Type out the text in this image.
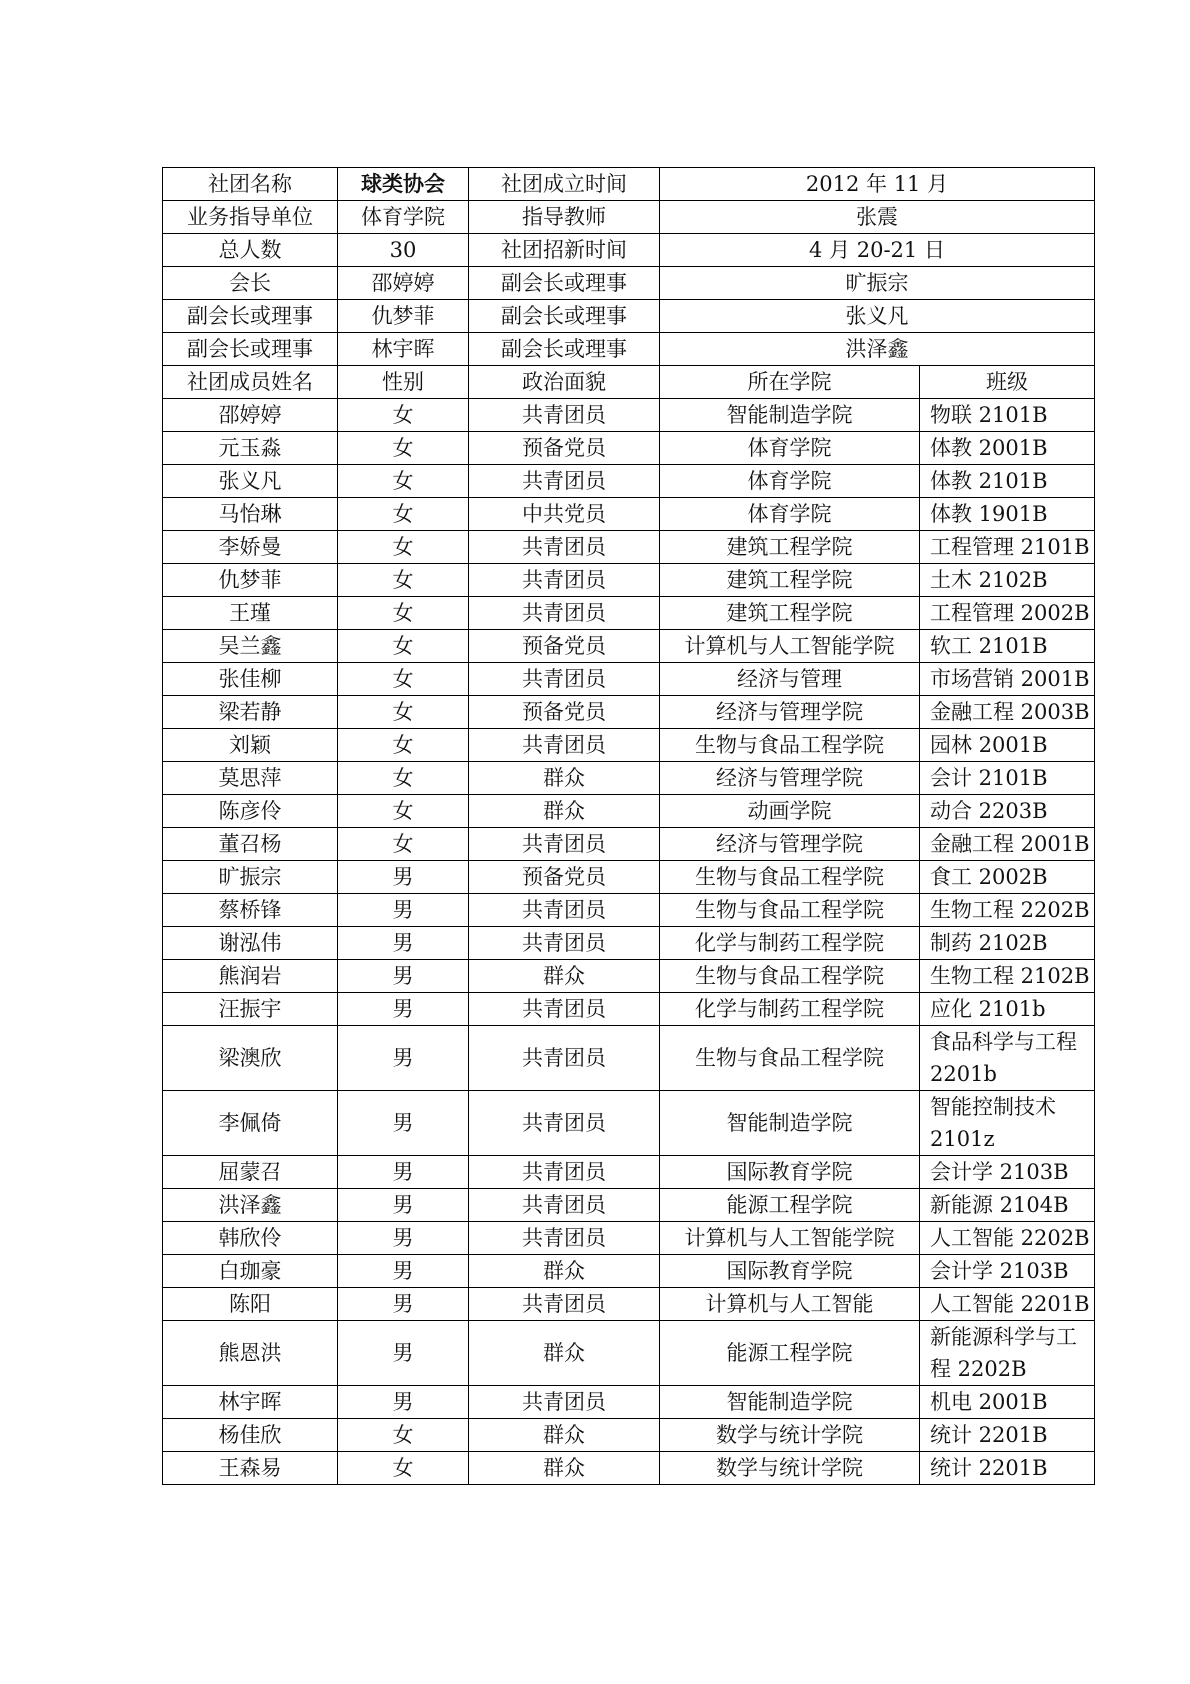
社团名称	球类协会	社团成立时间	2012 年 11 月	
业务指导单位	体育学院	指导教师	张震	
总人数	30	社团招新时间	4 月 20-21 日	
会长	邵婷婷	副会长或理事	旷振宗	
副会长或理事	仇梦菲	副会长或理事	张义凡	
副会长或理事	林宇晖	副会长或理事	洪泽鑫	
社团成员姓名	性别	政治面貌	所在学院	班级
邵婷婷	女	共青团员	智能制造学院	物联 2101B
元玉淼	女	预备党员	体育学院	体教 2001B
张义凡	女	共青团员	体育学院	体教 2101B
马怡琳	女	中共党员	体育学院	体教 1901B
李娇曼	女	共青团员	建筑工程学院	工程管理 2101B
仇梦菲	女	共青团员	建筑工程学院	土木 2102B
王瑾	女	共青团员	建筑工程学院	工程管理 2002B
吴兰鑫	女	预备党员	计算机与人工智能学院	软工 2101B
张佳柳	女	共青团员	经济与管理	市场营销 2001B
梁若静	女	预备党员	经济与管理学院	金融工程 2003B
刘颖	女	共青团员	生物与食品工程学院	园林 2001B
莫思萍	女	群众	经济与管理学院	会计 2101B
陈彦伶	女	群众	动画学院	动合 2203B
董召杨	女	共青团员	经济与管理学院	金融工程 2001B
旷振宗	男	预备党员	生物与食品工程学院	食工 2002B
蔡桥锋	男	共青团员	生物与食品工程学院	生物工程 2202B
谢泓伟	男	共青团员	化学与制药工程学院	制药 2102B
熊润岩	男	群众	生物与食品工程学院	生物工程 2102B
汪振宇	男	共青团员	化学与制药工程学院	应化 2101b
梁澳欣	男	共青团员	生物与食品工程学院	食品科学与工程 2201b
李佩倚	男	共青团员	智能制造学院	智能控制技术 2101z
屈蒙召	男	共青团员	国际教育学院	会计学 2103B
洪泽鑫	男	共青团员	能源工程学院	新能源 2104B
韩欣伶	男	共青团员	计算机与人工智能学院	人工智能 2202B
白珈豪	男	群众	国际教育学院	会计学 2103B
陈阳	男	共青团员	计算机与人工智能	人工智能 2201B
熊恩洪	男	群众	能源工程学院	新能源科学与工程 2202B
林宇晖	男	共青团员	智能制造学院	机电 2001B
杨佳欣	女	群众	数学与统计学院	统计 2201B
王森易	女	群众	数学与统计学院	统计 2201B
